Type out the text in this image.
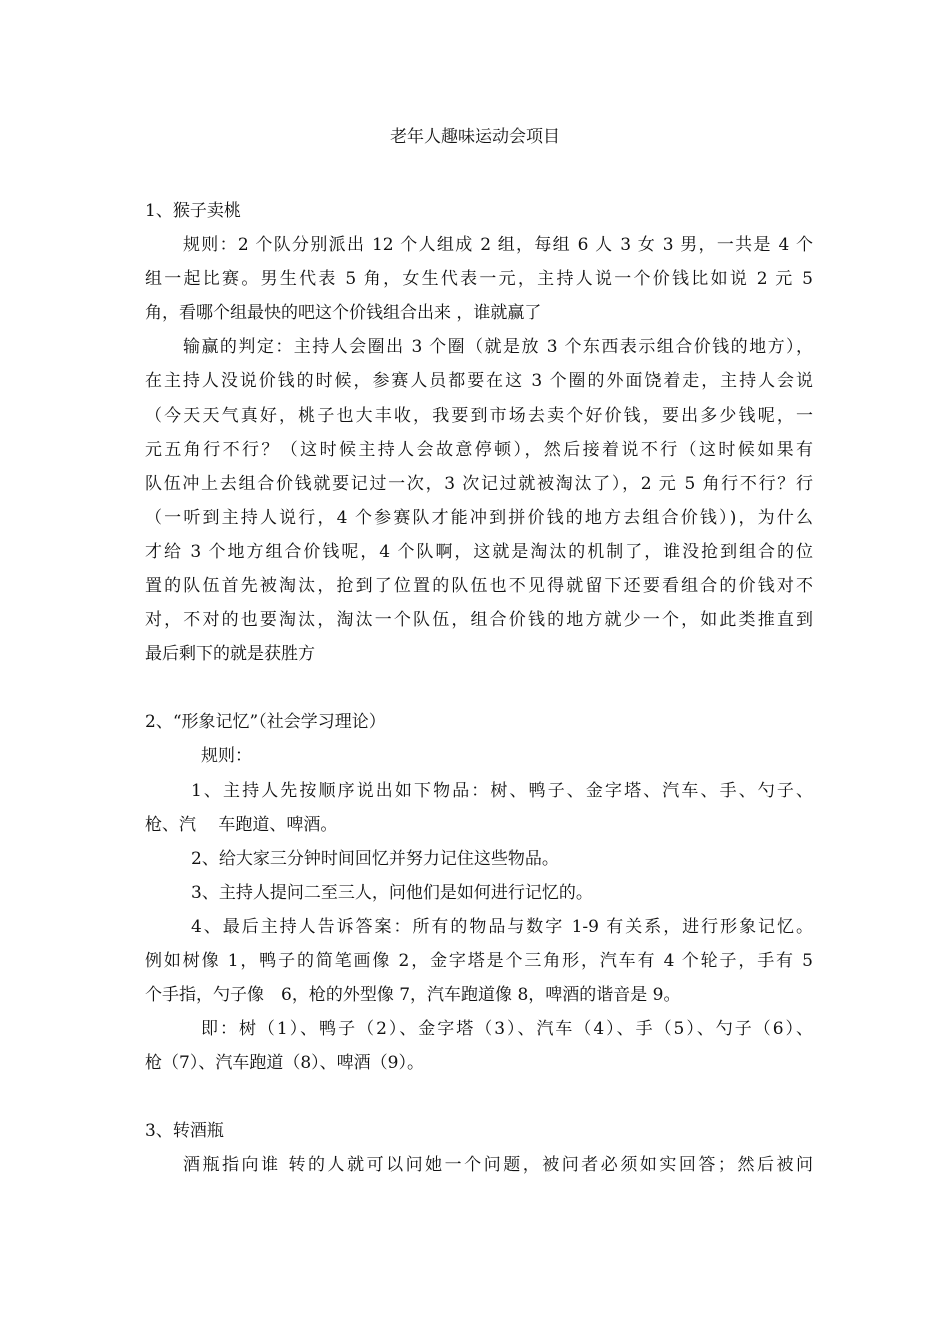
老年人趣味运动会项目
1、猴子卖桃
规则：2 个队分别派出 12 个人组成 2 组，每组 6 人 3 女 3 男，一共是 4 个
组一起比赛。男生代表 5 角，女生代表一元，主持人说一个价钱比如说 2 元 5
角，看哪个组最快的吧这个价钱组合出来 ，谁就赢了
输赢的判定：主持人会圈出 3 个圈（就是放 3 个东西表示组合价钱的地方），
在主持人没说价钱的时候，参赛人员都要在这 3 个圈的外面饶着走，主持人会说
（今天天气真好，桃子也大丰收，我要到市场去卖个好价钱，要出多少钱呢，一
元五角行不行？（这时候主持人会故意停顿），然后接着说不行（这时候如果有
队伍冲上去组合价钱就要记过一次，3 次记过就被淘汰了），2 元 5 角行不行？行
（一听到主持人说行，4 个参赛队才能冲到拼价钱的地方去组合价钱）)，为什么
才给 3 个地方组合价钱呢，4 个队啊，这就是淘汰的机制了，谁没抢到组合的位
置的队伍首先被淘汰，抢到了位置的队伍也不见得就留下还要看组合的价钱对不
对，不对的也要淘汰，淘汰一个队伍，组合价钱的地方就少一个，如此类推直到
最后剩下的就是获胜方
2、“形象记忆”（社会学习理论）
规则：
1、主持人先按顺序说出如下物品：树、鸭子、金字塔、汽车、手、勺子、
枪、汽　 车跑道、啤酒。
2、给大家三分钟时间回忆并努力记住这些物品。
3、主持人提问二至三人，问他们是如何进行记忆的。
4、最后主持人告诉答案：所有的物品与数字 1-9 有关系，进行形象记忆。
例如树像 1，鸭子的简笔画像 2，金字塔是个三角形，汽车有 4 个轮子，手有 5
个手指，勺子像　6，枪的外型像 7，汽车跑道像 8，啤酒的谐音是 9。
即：树（1）、鸭子（2）、金字塔（3）、汽车（4）、手（5）、勺子（6）、
枪（7）、汽车跑道（8）、啤酒（9）。
3、转酒瓶
酒瓶指向谁 转的人就可以问她一个问题，被问者必须如实回答；然后被问
